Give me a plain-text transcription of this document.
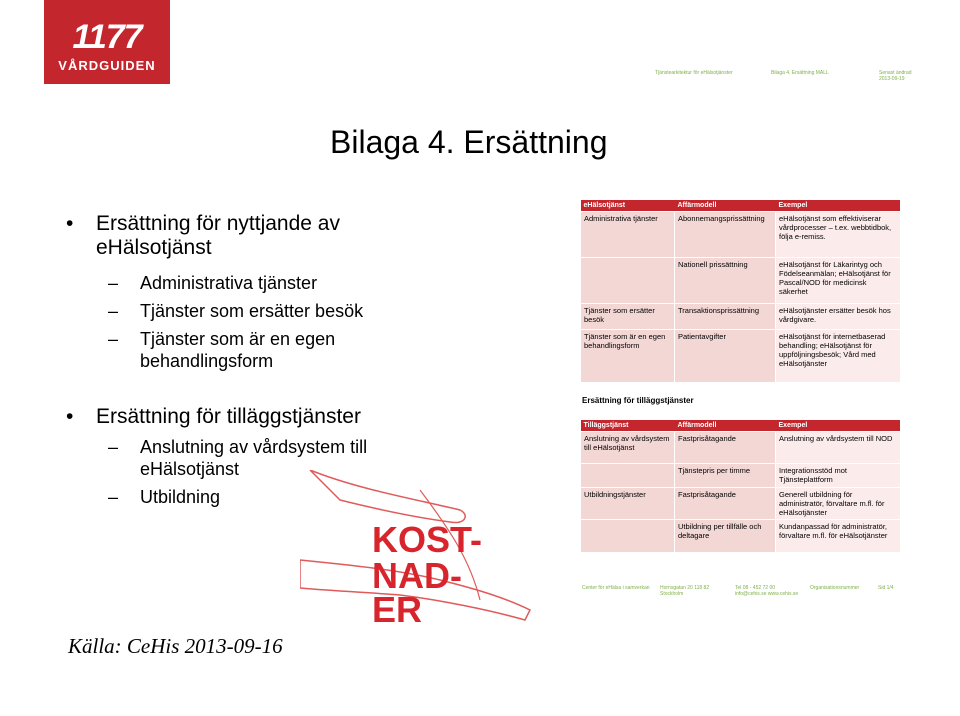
1177
VÅRDGUIDEN	Tjänstearkitektur för eHälsotjänster	Bilaga 4. Ersättning MALL	Senast ändrad 2013-09-19
Bilaga 4. Ersättning
• Ersättning för nyttjande av eHälsotjänst
– Administrativa tjänster
– Tjänster som ersätter besök
– Tjänster som är en egen behandlingsform
• Ersättning för tilläggstjänster
– Anslutning av vårdsystem till eHälsotjänst
– Utbildning
KOST-
NAD-
ER
eHälsotjänst	Affärmodell	Exempel
Administrativa tjänster	Abonnemangsprissättning	eHälsotjänst som effektiviserar vårdprocesser – t.ex. webbtidbok, följa e-remiss.
	Nationell prissättning	eHälsotjänst för Läkarintyg och Födelseanmälan; eHälsotjänst för Pascal/NOD för medicinsk säkerhet
Tjänster som ersätter besök	Transaktionsprissättning	eHälsotjänster ersätter besök hos vårdgivare.
Tjänster som är en egen behandlingsform	Patientavgifter	eHälsotjänst för internetbaserad behandling; eHälsotjänst för uppföljningsbesök; Vård med eHälsotjänster
Ersättning för tilläggstjänster
Tilläggstjänst	Affärmodell	Exempel
Anslutning av vårdsystem till eHälsotjänst	Fastprisåtagande	Anslutning av vårdsystem till NOD
	Tjänstepris per timme	Integrationsstöd mot Tjänsteplattform
Utbildningstjänster	Fastprisåtagande	Generell utbildning för administratör, förvaltare m.fl. för eHälsotjänster
	Utbildning per tillfälle och deltagare	Kundanpassad för administratör, förvaltare m.fl. för eHälsotjänster
Center för eHälsa i samverkan	Hornsgatan 20 118 82 Stockholm
Tel 08 - 452 72 00 info@cehis.se www.cehis.se
Organisationsnummer	Sid 1/4
Källa: CeHis 2013-09-16
